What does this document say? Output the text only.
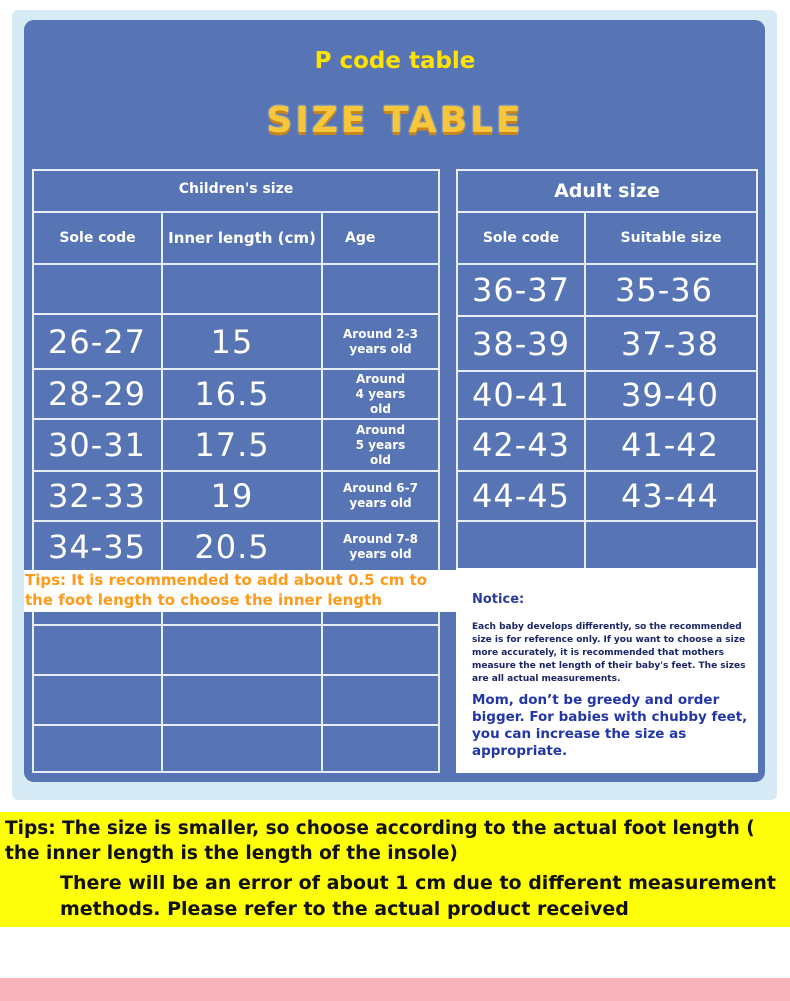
P code table
SIZE TABLE
Children's size
Sole code	Inner length (cm)	Age
26-27	15	Around 2-3 years old
28-29	16.5	Around 4 years old
30-31	17.5	Around 5 years old
32-33	19	Around 6-7 years old
34-35	20.5	Around 7-8 years old
Adult size
Sole code	Suitable size
36-37	35-36
38-39	37-38
40-41	39-40
42-43	41-42
44-45	43-44
Tips: It is recommended to add about 0.5 cm to the foot length to choose the inner length	Notice:
Each baby develops differently, so the recommended size is for reference only. If you want to choose a size more accurately, it is recommended that mothers measure the net length of their baby's feet. The sizes are all actual measurements.
Mom, don’t be greedy and order bigger. For babies with chubby feet, you can increase the size as appropriate.
Tips: The size is smaller, so choose according to the actual foot length ( the inner length is the length of the insole)
There will be an error of about 1 cm due to different measurement methods. Please refer to the actual product received
